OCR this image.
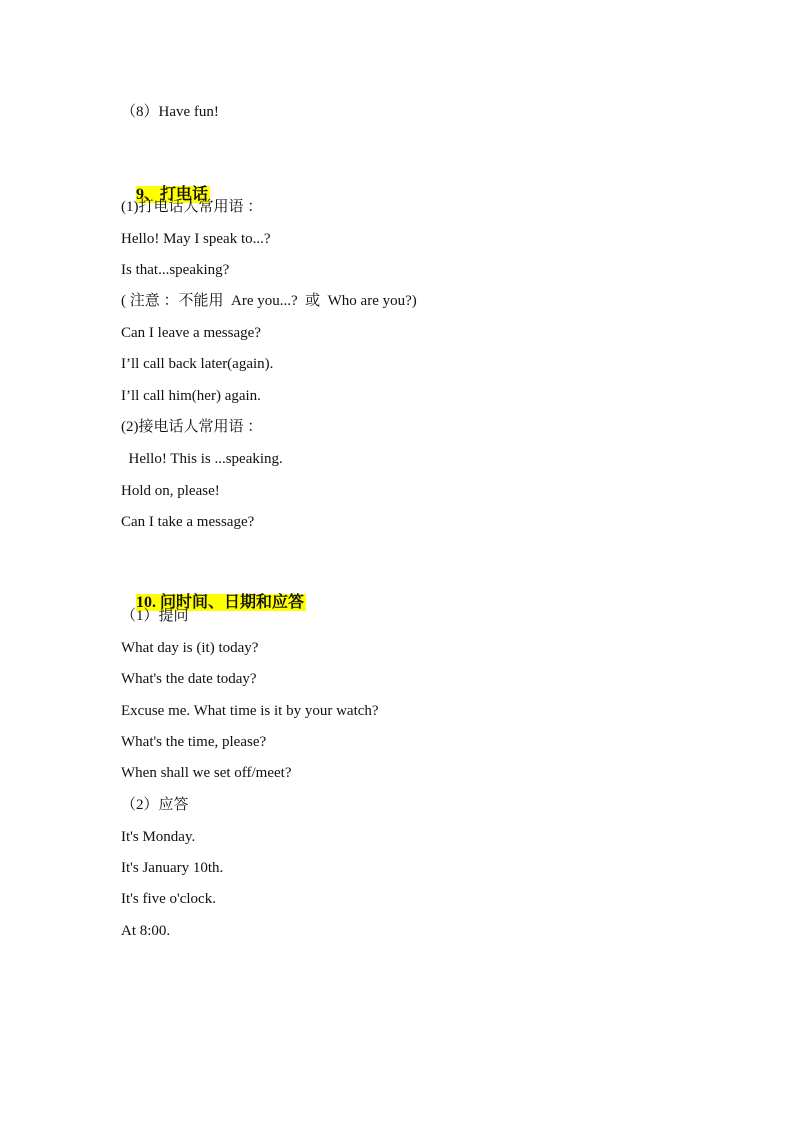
（8）Have fun!

9、打电话

(1)打电话人常用语 ：
Hello! May I speak to...?
Is that...speaking?
( 注意 ：不能用  Are you...?  或  Who are you?)
Can I leave a message?
I’ll call back later(again).
I’ll call him(her) again.
(2)接电话人常用语 ：
Hello! This is ...speaking.
Hold on, please!
Can I take a message?

10. 问时间、日期和应答

（1）提问
What day is (it) today?
What's the date today?
Excuse me. What time is it by your watch?
What's the time, please?
When shall we set off/meet?
（2）应答
It's Monday.
It's January 10th.
It's five o'clock.
At 8:00.
